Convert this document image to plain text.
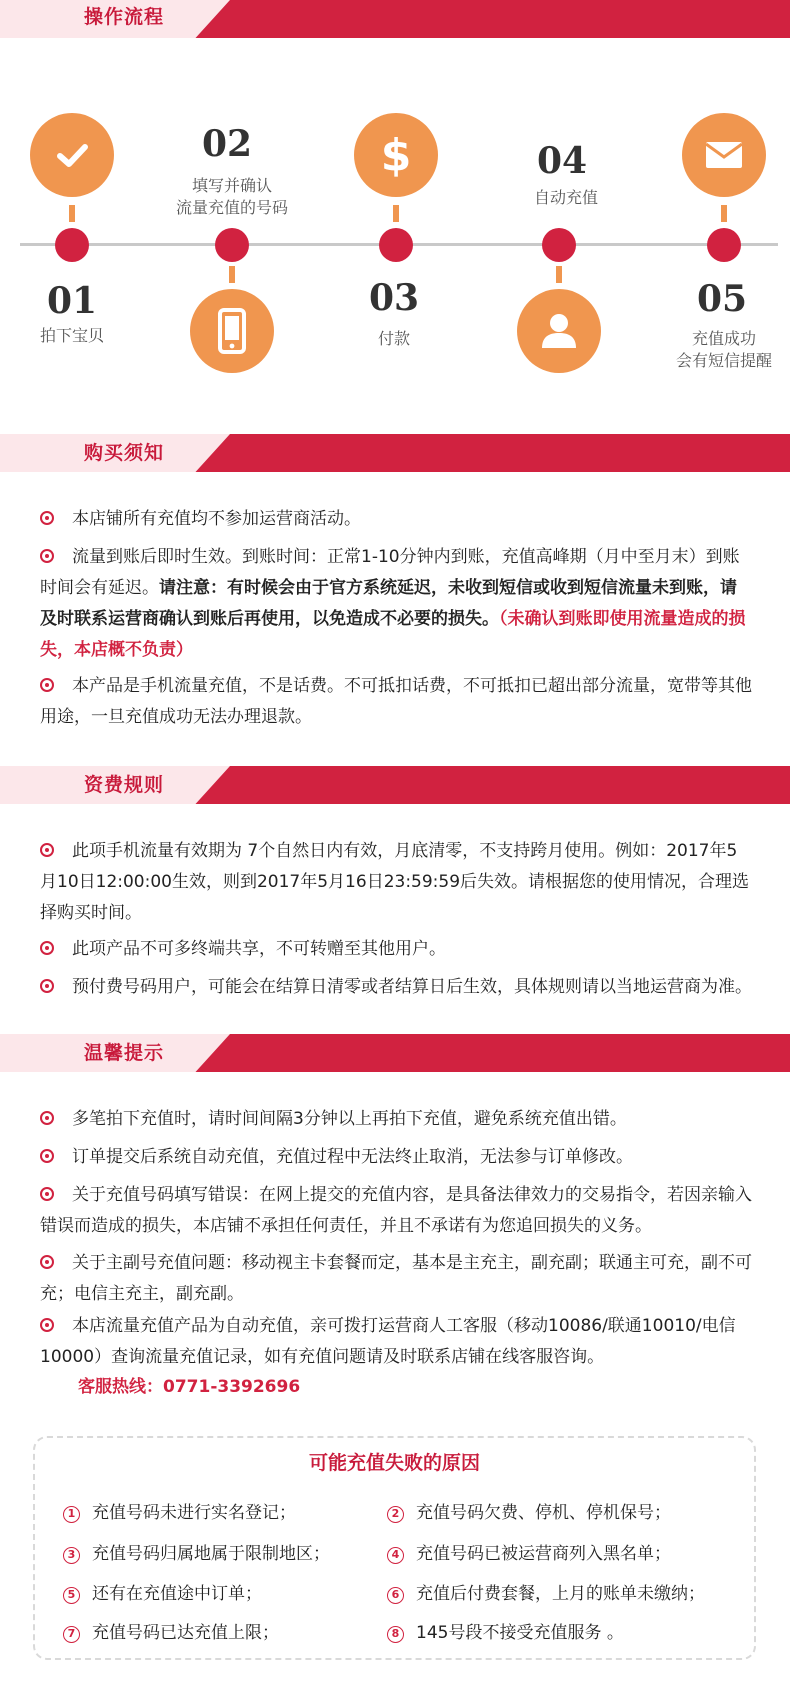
操作流程
01
拍下宝贝
02
填写并确认
流量充值的号码
$
03
付款
04
自动充值
05
充值成功
会有短信提醒
购买须知
本店铺所有充值均不参加运营商活动。
流量到账后即时生效。到账时间：正常1-10分钟内到账，充值高峰期（月中至月末）到账时间会有延迟。请注意：有时候会由于官方系统延迟，未收到短信或收到短信流量未到账，请及时联系运营商确认到账后再使用，以免造成不必要的损失。（未确认到账即使用流量造成的损失，本店概不负责）
本产品是手机流量充值，不是话费。不可抵扣话费，不可抵扣已超出部分流量，宽带等其他用途，一旦充值成功无法办理退款。
资费规则
此项手机流量有效期为 7个自然日内有效，月底清零，不支持跨月使用。例如：2017年5月10日12:00:00生效，则到2017年5月16日23:59:59后失效。请根据您的使用情况，合理选择购买时间。
此项产品不可多终端共享，不可转赠至其他用户。
预付费号码用户，可能会在结算日清零或者结算日后生效，具体规则请以当地运营商为准。
温馨提示
多笔拍下充值时，请时间间隔3分钟以上再拍下充值，避免系统充值出错。
订单提交后系统自动充值，充值过程中无法终止取消，无法参与订单修改。
关于充值号码填写错误：在网上提交的充值内容，是具备法律效力的交易指令，若因亲输入错误而造成的损失，本店铺不承担任何责任，并且不承诺有为您追回损失的义务。
关于主副号充值问题：移动视主卡套餐而定，基本是主充主，副充副；联通主可充，副不可充；电信主充主，副充副。
本店流量充值产品为自动充值，亲可拨打运营商人工客服（移动10086/联通10010/电信10000）查询流量充值记录，如有充值问题请及时联系店铺在线客服咨询。
客服热线：0771-3392696
可能充值失败的原因
1 充值号码未进行实名登记；	2 充值号码欠费、停机、停机保号；
3 充值号码归属地属于限制地区；	4 充值号码已被运营商列入黑名单；
5 还有在充值途中订单；	6 充值后付费套餐，上月的账单未缴纳；
7 充值号码已达充值上限；	8 145号段不接受充值服务 。
